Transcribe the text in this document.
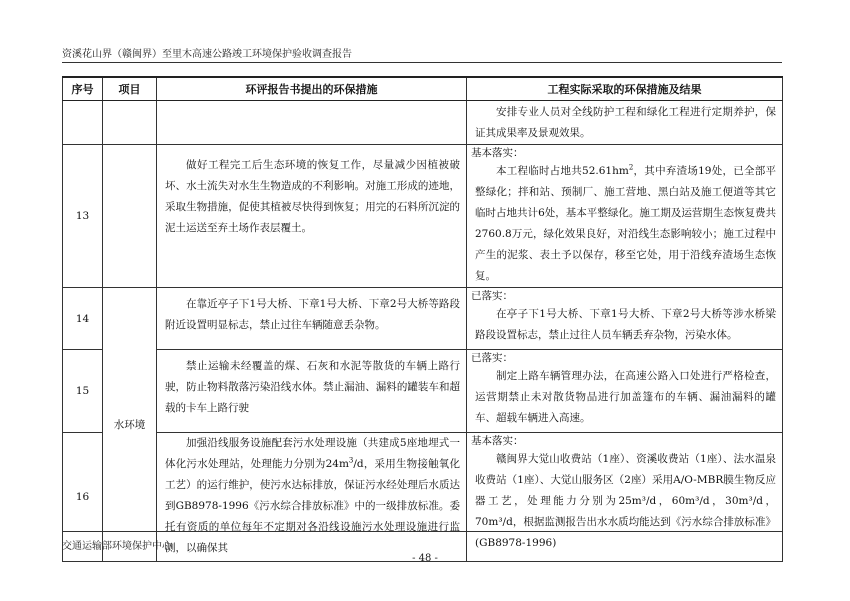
资溪花山界（赣闽界）至里木高速公路竣工环境保护验收调查报告
序号	项目	环评报告书提出的环保措施	工程实际采取的环保措施及结果

			安排专业人员对全线防护工程和绿化工程进行定期养护，保证其成果率及景观效果。

13		做好工程完工后生态环境的恢复工作，尽量减少因植被破坏、水土流失对水生生物造成的不利影响。对施工形成的迹地，采取生物措施，促使其植被尽快得到恢复；用完的石料所沉淀的泥土运送至弃土场作表层覆土。	基本落实：
本工程临时占地共$52.61hm^2$，其中弃渣场19处，已全部平整绿化；拌和站、预制厂、施工营地、黑白站及施工便道等其它临时占地共计6处，基本平整绿化。施工期及运营期生态恢复费共2760.8万元，绿化效果良好，对沿线生态影响较小；施工过程中产生的泥浆、表土予以保存，移至它处，用于沿线弃渣场生态恢复。

14	水环境	在靠近亭子下1号大桥、下章1号大桥、下章2号大桥等路段附近设置明显标志，禁止过往车辆随意丢杂物。	已落实：
在亭子下1号大桥、下章1号大桥、下章2号大桥等涉水桥梁路段设置标志，禁止过往人员车辆丢弃杂物，污染水体。

15		禁止运输未经覆盖的煤、石灰和水泥等散货的车辆上路行驶，防止物料散落污染沿线水体。禁止漏油、漏料的罐装车和超载的卡车上路行驶	已落实：
制定上路车辆管理办法，在高速公路入口处进行严格检查，运营期禁止未对散货物品进行加盖篷布的车辆、漏油漏料的罐车、超载车辆进入高速。

16		加强沿线服务设施配套污水处理设施（共建成5座地埋式一体化污水处理站，处理能力分别为$24m^3/d$，采用生物接触氧化工艺）的运行维护，使污水达标排放，保证污水经处理后水质达到GB8978-1996《污水综合排放标准》中的一级排放标准。委托有资质的单位每年不定期对各沿线设施污水处理设施进行监测，以确保其	基本落实：
赣闽界大觉山收费站（1座）、资溪收费站（1座）、法水温泉收费站（1座）、大觉山服务区（2座）采用A/O-MBR膜生物反应器工艺，处理能力分别为25m³/d，60m³/d，30m³/d，70m³/d，根据监测报告出水水质均能达到《污水综合排放标准》(GB8978-1996)
交通运输部环境保护中心
- 48 -
